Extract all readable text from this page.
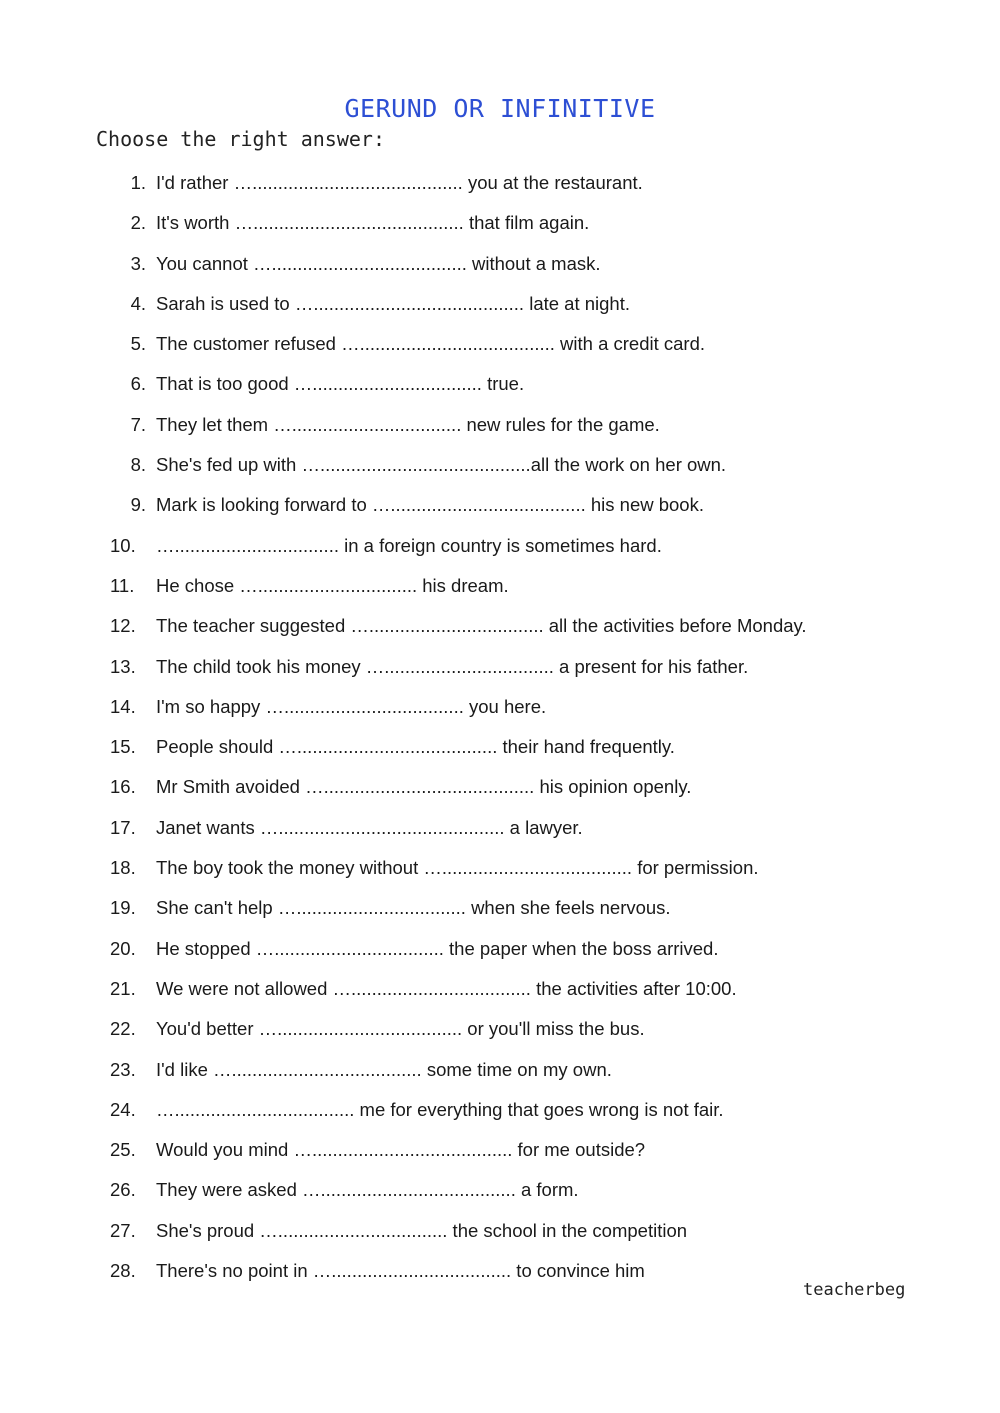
GERUND OR INFINITIVE
Choose the right answer:
1. I'd rather …......................................... you at the restaurant.
2. It's worth …......................................... that film again.
3. You cannot …...................................... without a mask.
4. Sarah is used to …......................................... late at night.
5. The customer refused …...................................... with a credit card.
6. That is too good …................................. true.
7. They let them …................................. new rules for the game.
8. She's fed up with ….........................................all the work on her own.
9. Mark is looking forward to …...................................... his new book.
10.	…................................ in a foreign country is sometimes hard.
11.	He chose …............................... his dream.
12.	The teacher suggested ….................................. all the activities before Monday.
13.	The child took his money …................................. a present for his father.
14.	I'm so happy …................................... you here.
15.	People should …....................................... their hand frequently.
16.	Mr Smith avoided …......................................... his opinion openly.
17.	Janet wants …............................................ a lawyer.
18.	The boy took the money without …..................................... for permission.
19.	She can't help …................................. when she feels nervous.
20.	He stopped …................................. the paper when the boss arrived.
21.	We were not allowed …................................... the activities after 10:00.
22.	You'd better ….................................... or you'll miss the bus.
23.	I'd like …..................................... some time on my own.
24.	…................................... me for everything that goes wrong is not fair.
25.	Would you mind …....................................... for me outside?
26.	They were asked …...................................... a form.
27.	She's proud …................................. the school in the competition
28.	There's no point in …................................... to convince him
teacherbeg
